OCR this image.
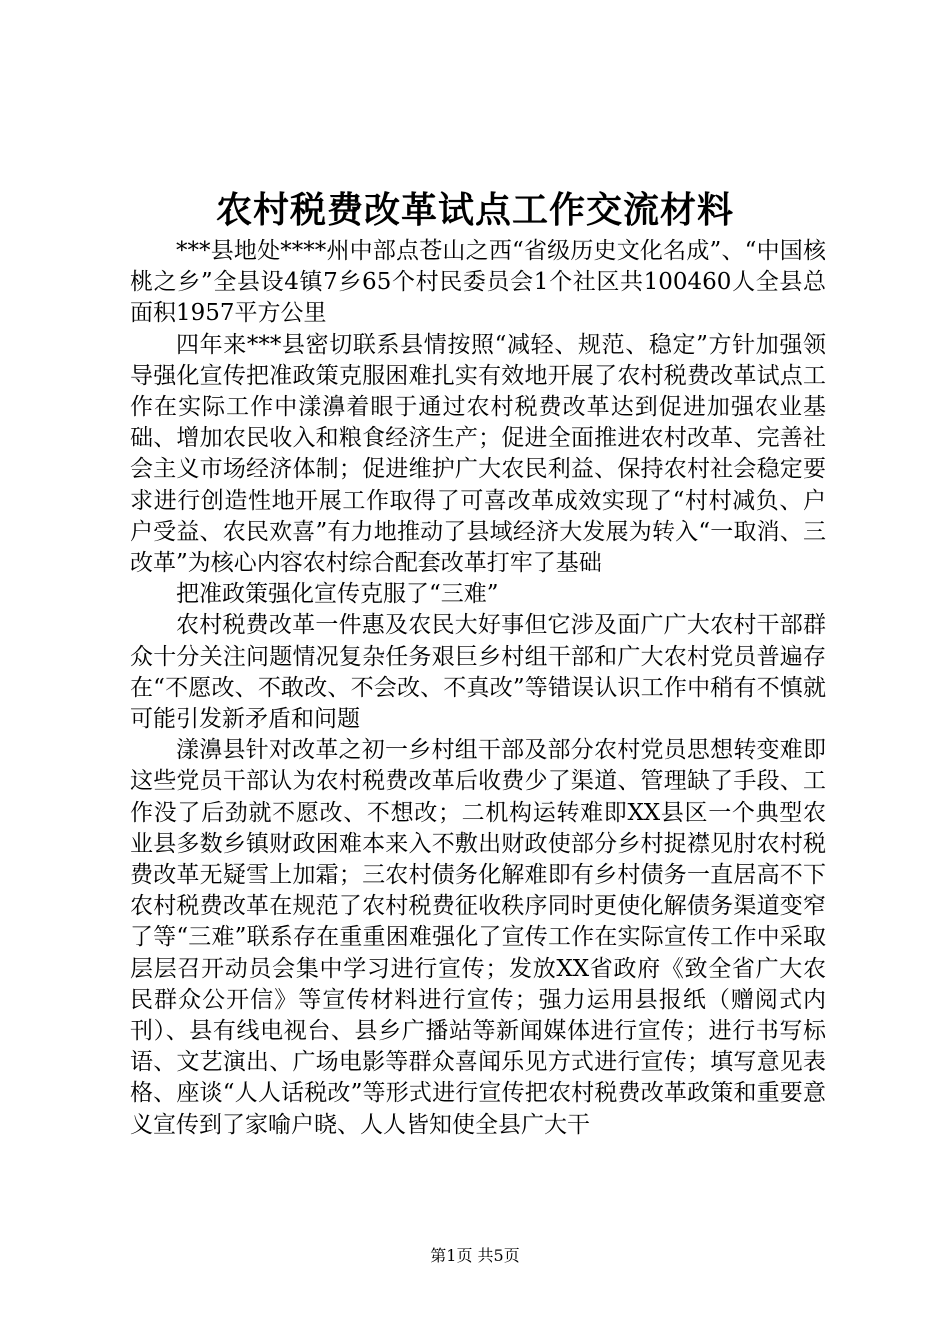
农村税费改革试点工作交流材料

***县地处****州中部点苍山之西“省级历史文化名成”、“中国核桃之乡”全县设4镇7乡65个村民委员会1个社区共100460人全县总面积1957平方公里

四年来***县密切联系县情按照“减轻、规范、稳定”方针加强领导强化宣传把准政策克服困难扎实有效地开展了农村税费改革试点工作在实际工作中漾濞着眼于通过农村税费改革达到促进加强农业基础、增加农民收入和粮食经济生产；促进全面推进农村改革、完善社会主义市场经济体制；促进维护广大农民利益、保持农村社会稳定要求进行创造性地开展工作取得了可喜改革成效实现了“村村减负、户户受益、农民欢喜”有力地推动了县域经济大发展为转入“一取消、三改革”为核心内容农村综合配套改革打牢了基础

把准政策强化宣传克服了“三难”

农村税费改革一件惠及农民大好事但它涉及面广广大农村干部群众十分关注问题情况复杂任务艰巨乡村组干部和广大农村党员普遍存在“不愿改、不敢改、不会改、不真改”等错误认识工作中稍有不慎就可能引发新矛盾和问题

漾濞县针对改革之初一乡村组干部及部分农村党员思想转变难即这些党员干部认为农村税费改革后收费少了渠道、管理缺了手段、工作没了后劲就不愿改、不想改；二机构运转难即XX县区一个典型农业县多数乡镇财政困难本来入不敷出财政使部分乡村捉襟见肘农村税费改革无疑雪上加霜；三农村债务化解难即有乡村债务一直居高不下农村税费改革在规范了农村税费征收秩序同时更使化解债务渠道变窄了等“三难”联系存在重重困难强化了宣传工作在实际宣传工作中采取层层召开动员会集中学习进行宣传；发放XX省政府《致全省广大农民群众公开信》等宣传材料进行宣传；强力运用县报纸（赠阅式内刊）、县有线电视台、县乡广播站等新闻媒体进行宣传；进行书写标语、文艺演出、广场电影等群众喜闻乐见方式进行宣传；填写意见表格、座谈“人人话税改”等形式进行宣传把农村税费改革政策和重要意义宣传到了家喻户晓、人人皆知使全县广大干

第1页 共5页
